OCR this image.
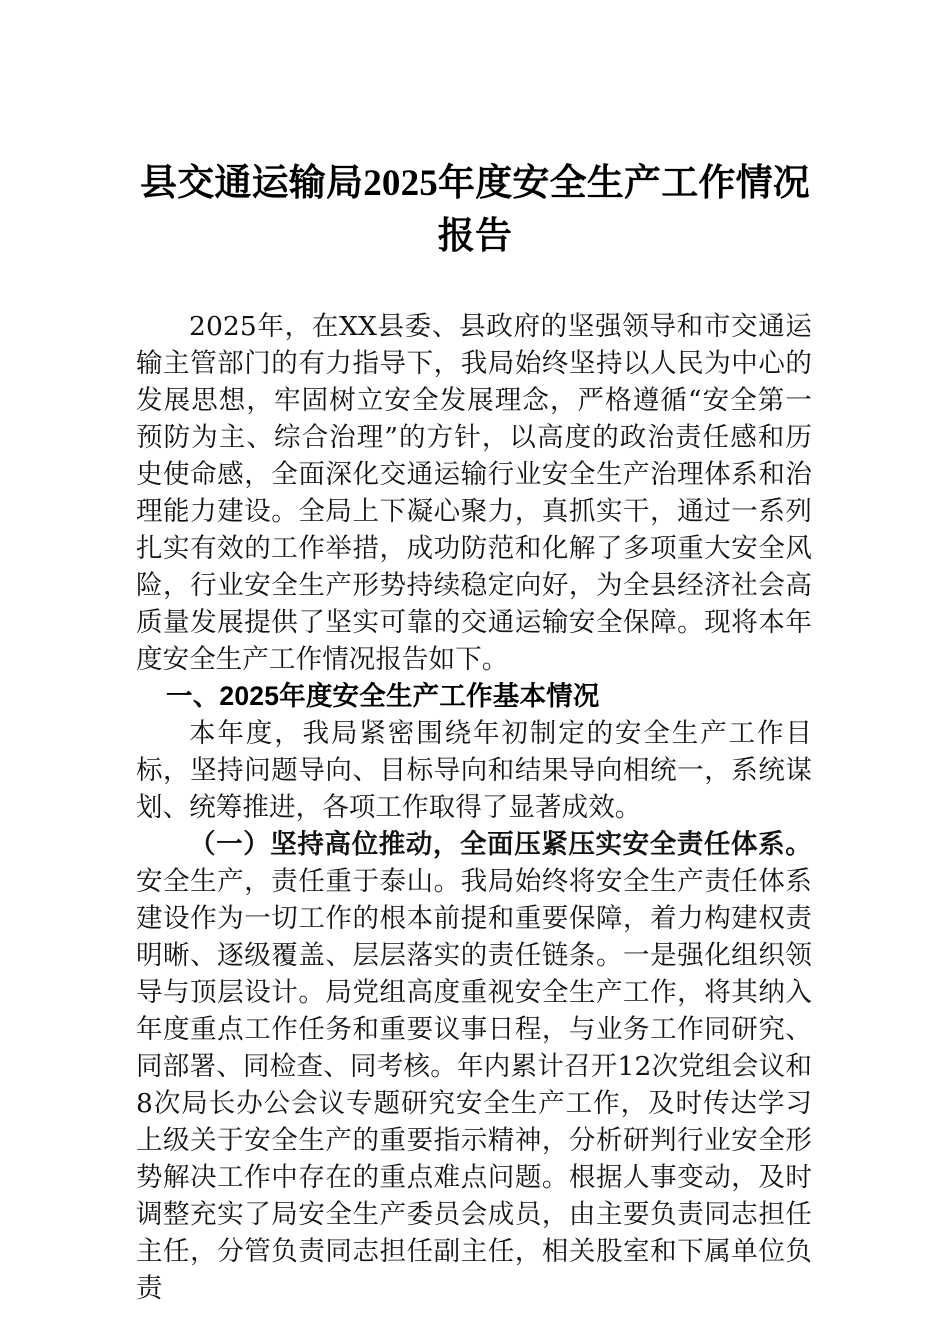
县交通运输局2025年度安全生产工作情况
报告

2025年，在XX县委、县政府的坚强领导和市交通运输主管部门的有力指导下，我局始终坚持以人民为中心的发展思想，牢固树立安全发展理念，严格遵循“安全第一预防为主、综合治理”的方针，以高度的政治责任感和历史使命感，全面深化交通运输行业安全生产治理体系和治理能力建设。全局上下凝心聚力，真抓实干，通过一系列扎实有效的工作举措，成功防范和化解了多项重大安全风险，行业安全生产形势持续稳定向好，为全县经济社会高质量发展提供了坚实可靠的交通运输安全保障。现将本年度安全生产工作情况报告如下。

一、2025年度安全生产工作基本情况

本年度，我局紧密围绕年初制定的安全生产工作目标，坚持问题导向、目标导向和结果导向相统一，系统谋划、统筹推进，各项工作取得了显著成效。

（一）坚持高位推动，全面压紧压实安全责任体系。安全生产，责任重于泰山。我局始终将安全生产责任体系建设作为一切工作的根本前提和重要保障，着力构建权责明晰、逐级覆盖、层层落实的责任链条。一是强化组织领导与顶层设计。局党组高度重视安全生产工作，将其纳入年度重点工作任务和重要议事日程，与业务工作同研究、同部署、同检查、同考核。年内累计召开12次党组会议和8次局长办公会议专题研究安全生产工作，及时传达学习上级关于安全生产的重要指示精神，分析研判行业安全形势解决工作中存在的重点难点问题。根据人事变动，及时调整充实了局安全生产委员会成员，由主要负责同志担任主任，分管负责同志担任副主任，相关股室和下属单位负责
